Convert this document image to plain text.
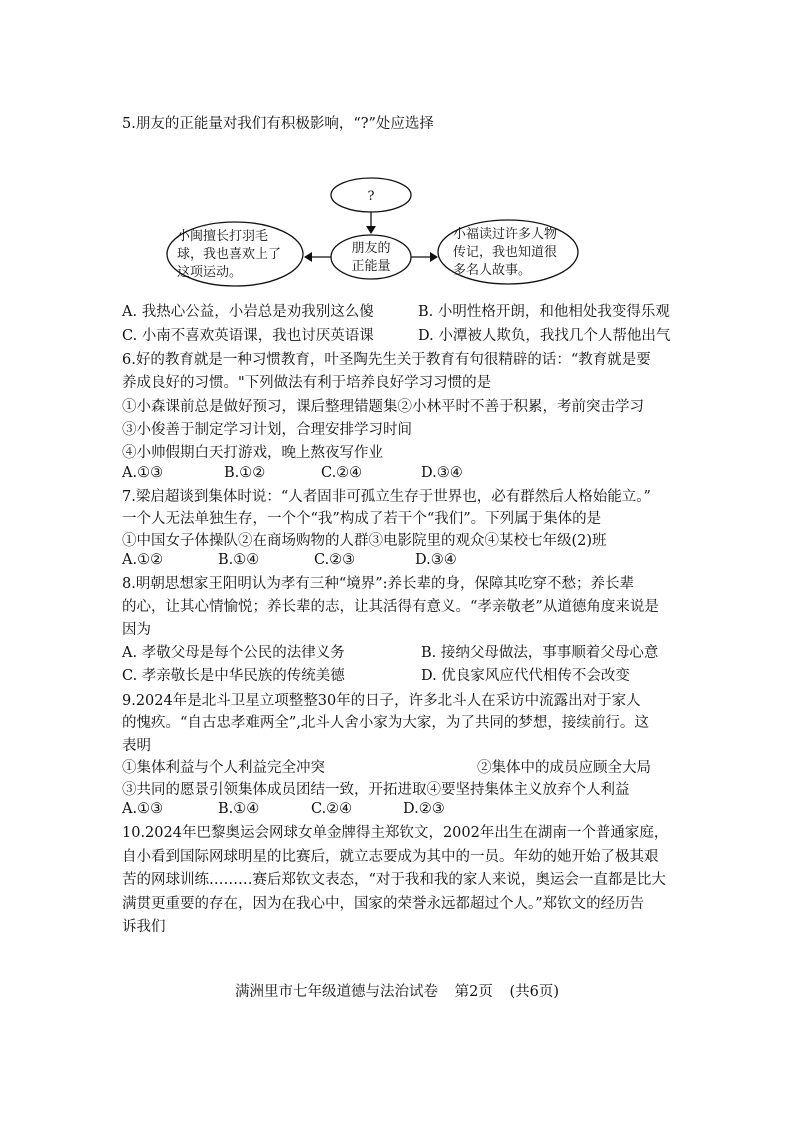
5.朋友的正能量对我们有积极影响，“?”处应选择
?
朋友的
正能量
小闽擅长打羽毛
球，我也喜欢上了
这项运动。
小福读过许多人物
传记，我也知道很
多名人故事。
A. 我热心公益，小岩总是劝我别这么傻	B. 小明性格开朗，和他相处我变得乐观
C. 小南不喜欢英语课，我也讨厌英语课	D. 小潭被人欺负，我找几个人帮他出气
6.好的教育就是一种习惯教育，叶圣陶先生关于教育有句很精辟的话：“教育就是要
养成良好的习惯。"下列做法有利于培养良好学习习惯的是
①小森课前总是做好预习，课后整理错题集②小林平时不善于积累，考前突击学习
③小俊善于制定学习计划，合理安排学习时间
④小帅假期白天打游戏，晚上熬夜写作业
A.①③	B.①②	C.②④	D.③④
7.梁启超谈到集体时说：“人者固非可孤立生存于世界也，必有群然后人格始能立。”
一个人无法单独生存，一个个“我”构成了若干个“我们”。下列属于集体的是
①中国女子体操队②在商场购物的人群③电影院里的观众④某校七年级(2)班
A.①②	B.①④	C.②③	D.③④
8.明朝思想家王阳明认为孝有三种“境界”:养长辈的身，保障其吃穿不愁；养长辈
的心，让其心情愉悦；养长辈的志，让其活得有意义。“孝亲敬老”从道德角度来说是
因为
A. 孝敬父母是每个公民的法律义务	B. 接纳父母做法，事事顺着父母心意
C. 孝亲敬长是中华民族的传统美德	D. 优良家风应代代相传不会改变
9.2024年是北斗卫星立项整整30年的日子，许多北斗人在采访中流露出对于家人
的愧疚。“自古忠孝难两全”,北斗人舍小家为大家，为了共同的梦想，接续前行。这
表明
①集体利益与个人利益完全冲突	②集体中的成员应顾全大局
③共同的愿景引领集体成员团结一致，开拓进取④要坚持集体主义放弃个人利益
A.①③	B.①④	C.②④	D.②③
10.2024年巴黎奥运会网球女单金牌得主郑钦文，2002年出生在湖南一个普通家庭，
自小看到国际网球明星的比赛后，就立志要成为其中的一员。年幼的她开始了极其艰
苦的网球训练………赛后郑钦文表态，“对于我和我的家人来说，奥运会一直都是比大
满贯更重要的存在，因为在我心中，国家的荣誉永远都超过个人。”郑钦文的经历告
诉我们
满洲里市七年级道德与法治试卷 第2页 (共6页)
